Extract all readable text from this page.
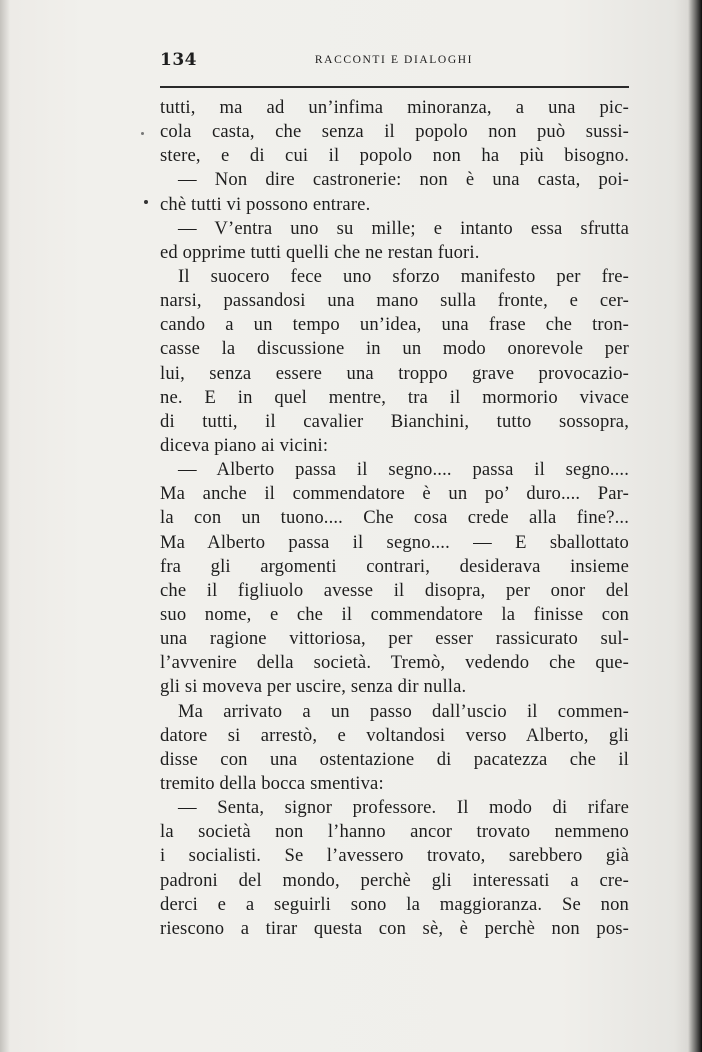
134	RACCONTI E DIALOGHI
tutti, ma ad un’infima minoranza, a una pic-
cola casta, che senza il popolo non può sussi-
stere, e di cui il popolo non ha più bisogno.
— Non dire castronerie: non è una casta, poi-
chè tutti vi possono entrare.
— V’entra uno su mille; e intanto essa sfrutta
ed opprime tutti quelli che ne restan fuori.
Il suocero fece uno sforzo manifesto per fre-
narsi, passandosi una mano sulla fronte, e cer-
cando a un tempo un’idea, una frase che tron-
casse la discussione in un modo onorevole per
lui, senza essere una troppo grave provocazio-
ne. E in quel mentre, tra il mormorio vivace
di tutti, il cavalier Bianchini, tutto sossopra,
diceva piano ai vicini:
— Alberto passa il segno.... passa il segno....
Ma anche il commendatore è un po’ duro.... Par-
la con un tuono.... Che cosa crede alla fine?...
Ma Alberto passa il segno.... — E sballottato
fra gli argomenti contrari, desiderava insieme
che il figliuolo avesse il disopra, per onor del
suo nome, e che il commendatore la finisse con
una ragione vittoriosa, per esser rassicurato sul-
l’avvenire della società. Tremò, vedendo che que-
gli si moveva per uscire, senza dir nulla.
Ma arrivato a un passo dall’uscio il commen-
datore si arrestò, e voltandosi verso Alberto, gli
disse con una ostentazione di pacatezza che il
tremito della bocca smentiva:
— Senta, signor professore. Il modo di rifare
la società non l’hanno ancor trovato nemmeno
i socialisti. Se l’avessero trovato, sarebbero già
padroni del mondo, perchè gli interessati a cre-
derci e a seguirli sono la maggioranza. Se non
riescono a tirar questa con sè, è perchè non pos-
